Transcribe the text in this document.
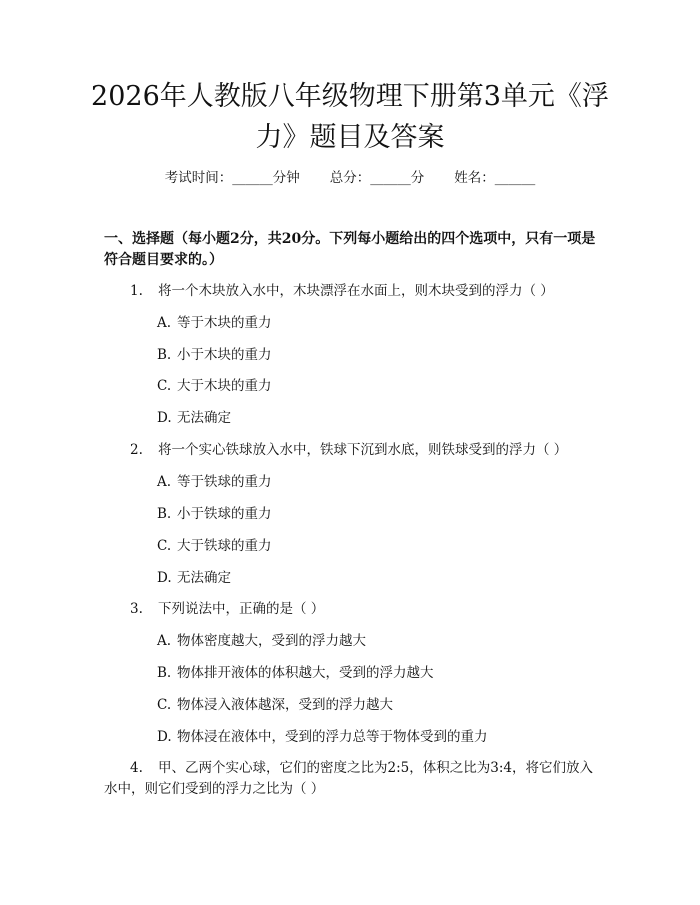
2026年人教版八年级物理下册第3单元《浮力》题目及答案
考试时间：______分钟 总分：______分 姓名：______

一、选择题（每小题2分，共20分。下列每小题给出的四个选项中，只有一项是符合题目要求的。）

1. 将一个木块放入水中，木块漂浮在水面上，则木块受到的浮力（ ）
A. 等于木块的重力
B. 小于木块的重力
C. 大于木块的重力
D. 无法确定
2. 将一个实心铁球放入水中，铁球下沉到水底，则铁球受到的浮力（ ）
A. 等于铁球的重力
B. 小于铁球的重力
C. 大于铁球的重力
D. 无法确定
3. 下列说法中，正确的是（ ）
A. 物体密度越大，受到的浮力越大
B. 物体排开液体的体积越大，受到的浮力越大
C. 物体浸入液体越深，受到的浮力越大
D. 物体浸在液体中，受到的浮力总等于物体受到的重力
4. 甲、乙两个实心球，它们的密度之比为2:5，体积之比为3:4，将它们放入水中，则它们受到的浮力之比为（ ）
